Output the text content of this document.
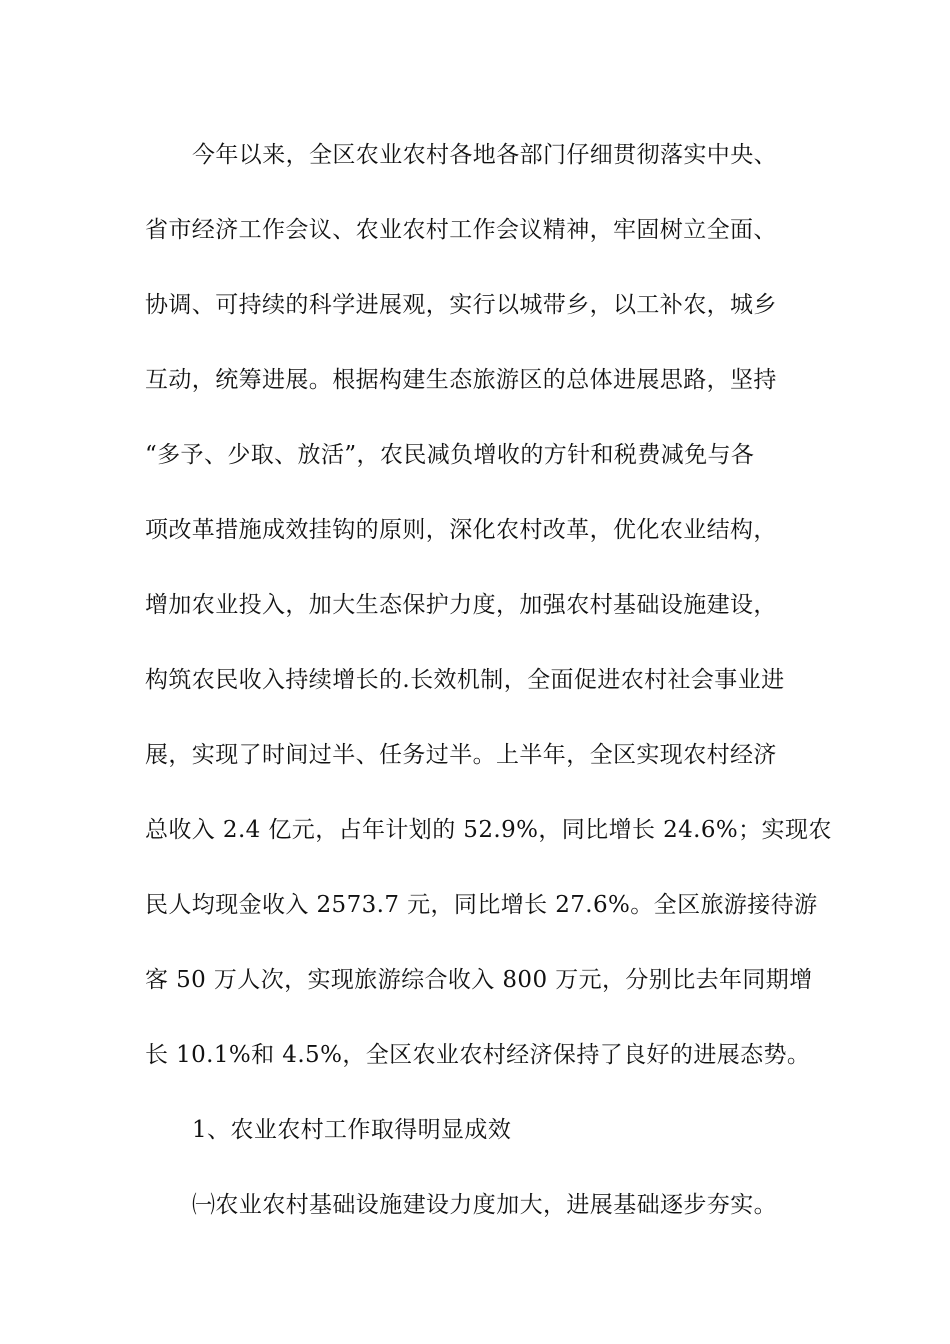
今年以来，全区农业农村各地各部门仔细贯彻落实中央、
省市经济工作会议、农业农村工作会议精神，牢固树立全面、
协调、可持续的科学进展观，实行以城带乡，以工补农，城乡
互动，统筹进展。根据构建生态旅游区的总体进展思路，坚持
“多予、少取、放活”，农民减负增收的方针和税费减免与各
项改革措施成效挂钩的原则，深化农村改革，优化农业结构，
增加农业投入，加大生态保护力度，加强农村基础设施建设，
构筑农民收入持续增长的.长效机制，全面促进农村社会事业进
展，实现了时间过半、任务过半。上半年，全区实现农村经济
总收入 2.4 亿元，占年计划的 52.9%，同比增长 24.6%；实现农
民人均现金收入 2573.7 元，同比增长 27.6%。全区旅游接待游
客 50 万人次，实现旅游综合收入 800 万元，分别比去年同期增
长 10.1%和 4.5%，全区农业农村经济保持了良好的进展态势。
1、农业农村工作取得明显成效
㈠农业农村基础设施建设力度加大，进展基础逐步夯实。
